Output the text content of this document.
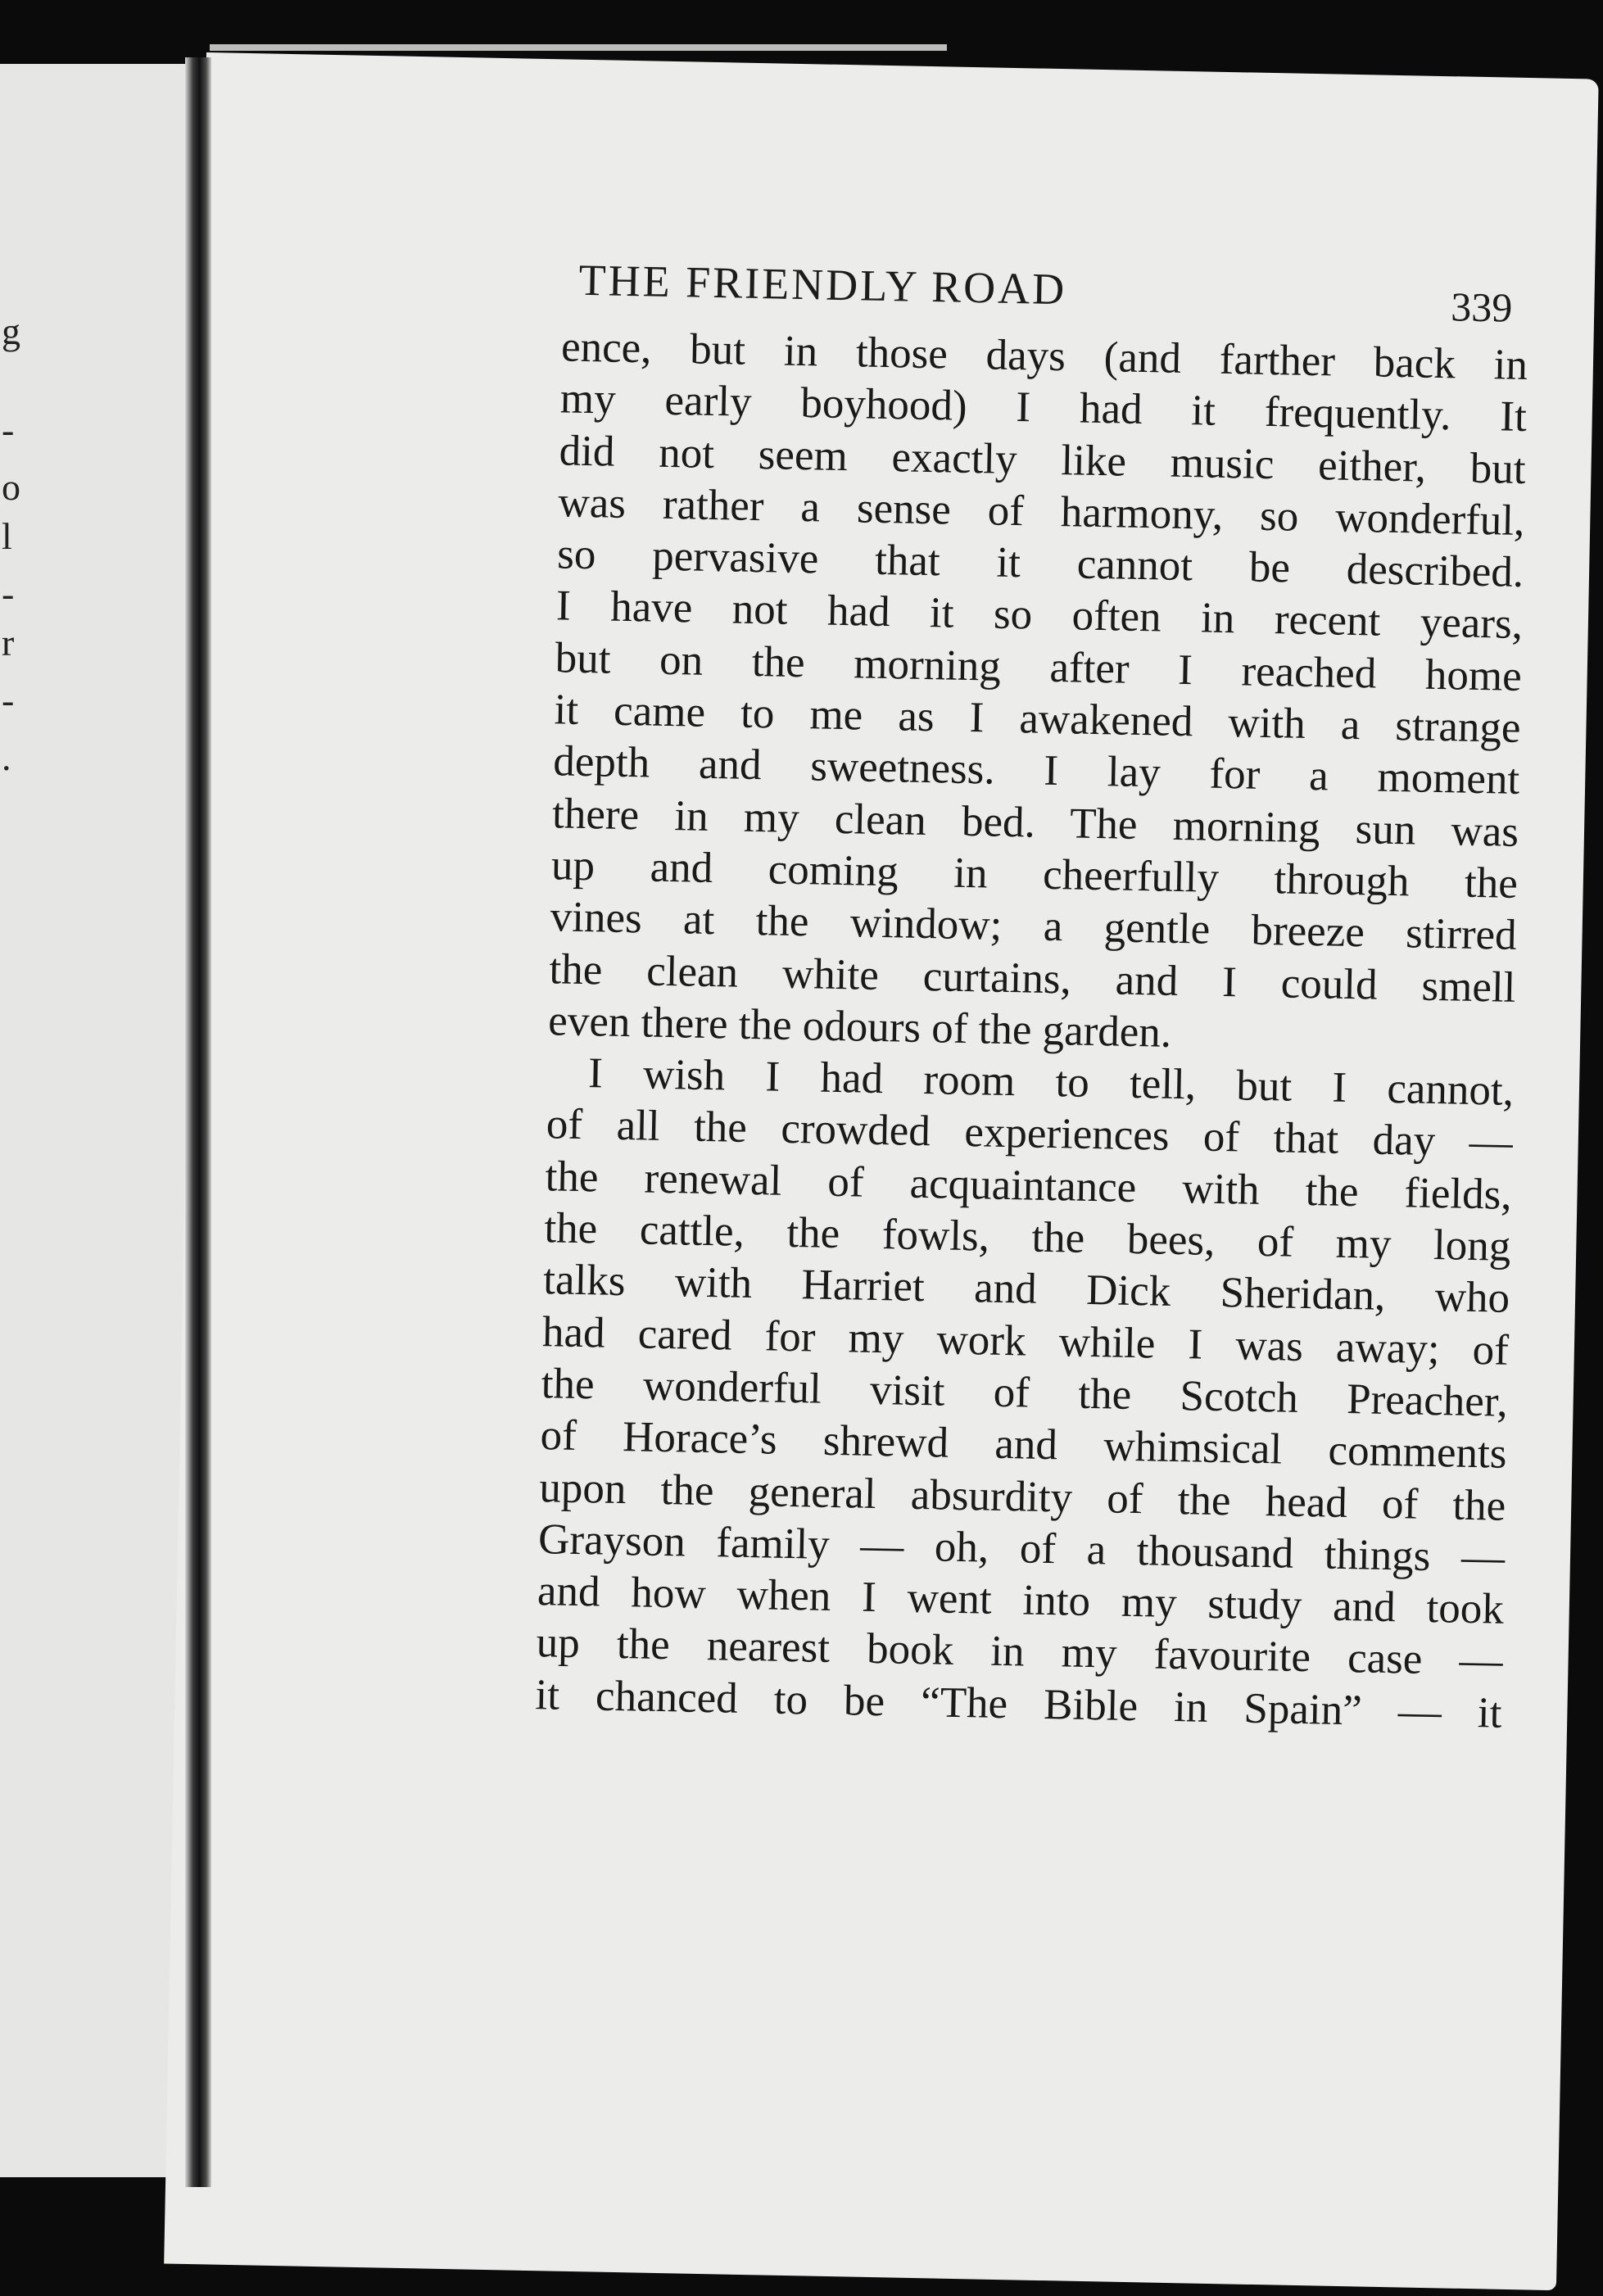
g
-
o
l
-
r
-
.
THE FRIENDLY ROAD	339
ence, but in those days (and farther back in
my early boyhood) I had it frequently. It
did not seem exactly like music either, but
was rather a sense of harmony, so wonderful,
so pervasive that it cannot be described.
I have not had it so often in recent years,
but on the morning after I reached home
it came to me as I awakened with a strange
depth and sweetness. I lay for a moment
there in my clean bed. The morning sun was
up and coming in cheerfully through the
vines at the window; a gentle breeze stirred
the clean white curtains, and I could smell
even there the odours of the garden.
I wish I had room to tell, but I cannot,
of all the crowded experiences of that day —
the renewal of acquaintance with the fields,
the cattle, the fowls, the bees, of my long
talks with Harriet and Dick Sheridan, who
had cared for my work while I was away; of
the wonderful visit of the Scotch Preacher,
of Horace’s shrewd and whimsical comments
upon the general absurdity of the head of the
Grayson family — oh, of a thousand things —
and how when I went into my study and took
up the nearest book in my favourite case —
it chanced to be “The Bible in Spain” — it
